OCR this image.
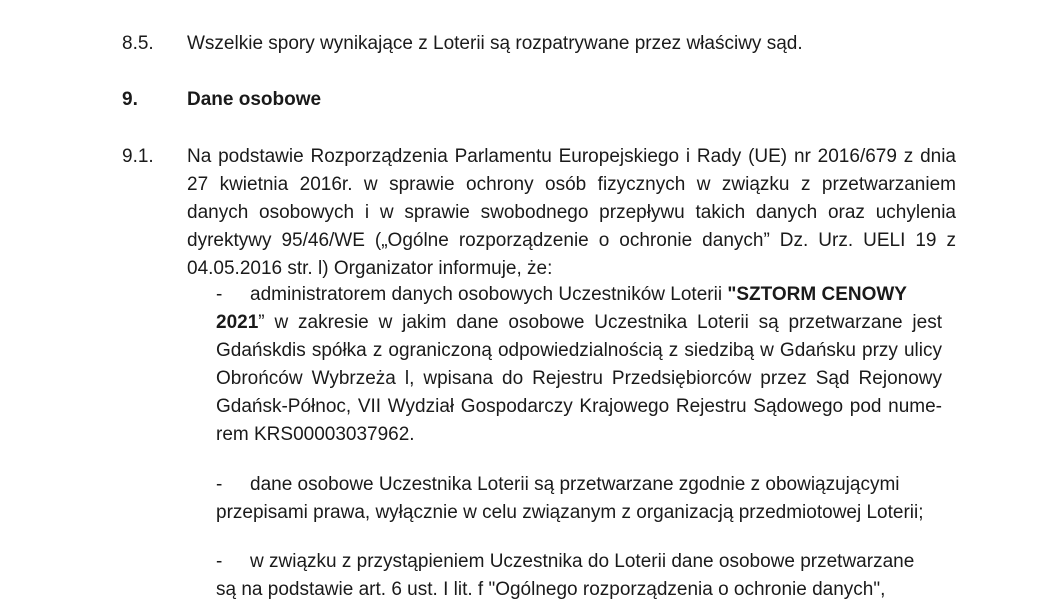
8.5. Wszelkie spory wynikające z Loterii są rozpatrywane przez właściwy sąd.
9.	Dane osobowe
9.1. Na podstawie Rozporządzenia Parlamentu Europejskiego i Rady (UE) nr 2016/679 z dnia
27 kwietnia 2016r. w sprawie ochrony osób fizycznych w związku z przetwarzaniem
danych osobowych i w sprawie swobodnego przepływu takich danych oraz uchylenia
dyrektywy 95/46/WE („Ogólne rozporządzenie o ochronie danych” Dz. Urz. UELI 19 z
04.05.2016 str. l) Organizator informuje, że:
- administratorem danych osobowych Uczestników Loterii "SZTORM CENOWY
2021” w zakresie w jakim dane osobowe Uczestnika Loterii są przetwarzane jest
Gdańskdis spółka z ograniczoną odpowiedzialnością z siedzibą w Gdańsku przy ulicy
Obrońców Wybrzeża l, wpisana do Rejestru Przedsiębiorców przez Sąd Rejonowy
Gdańsk-Północ, VII Wydział Gospodarczy Krajowego Rejestru Sądowego pod nume-
rem KRS00003037962.
- dane osobowe Uczestnika Loterii są przetwarzane zgodnie z obowiązującymi
przepisami prawa, wyłącznie w celu związanym z organizacją przedmiotowej Loterii;
- w związku z przystąpieniem Uczestnika do Loterii dane osobowe przetwarzane
są na podstawie art. 6 ust. I lit. f "Ogólnego rozporządzenia o ochronie danych",
